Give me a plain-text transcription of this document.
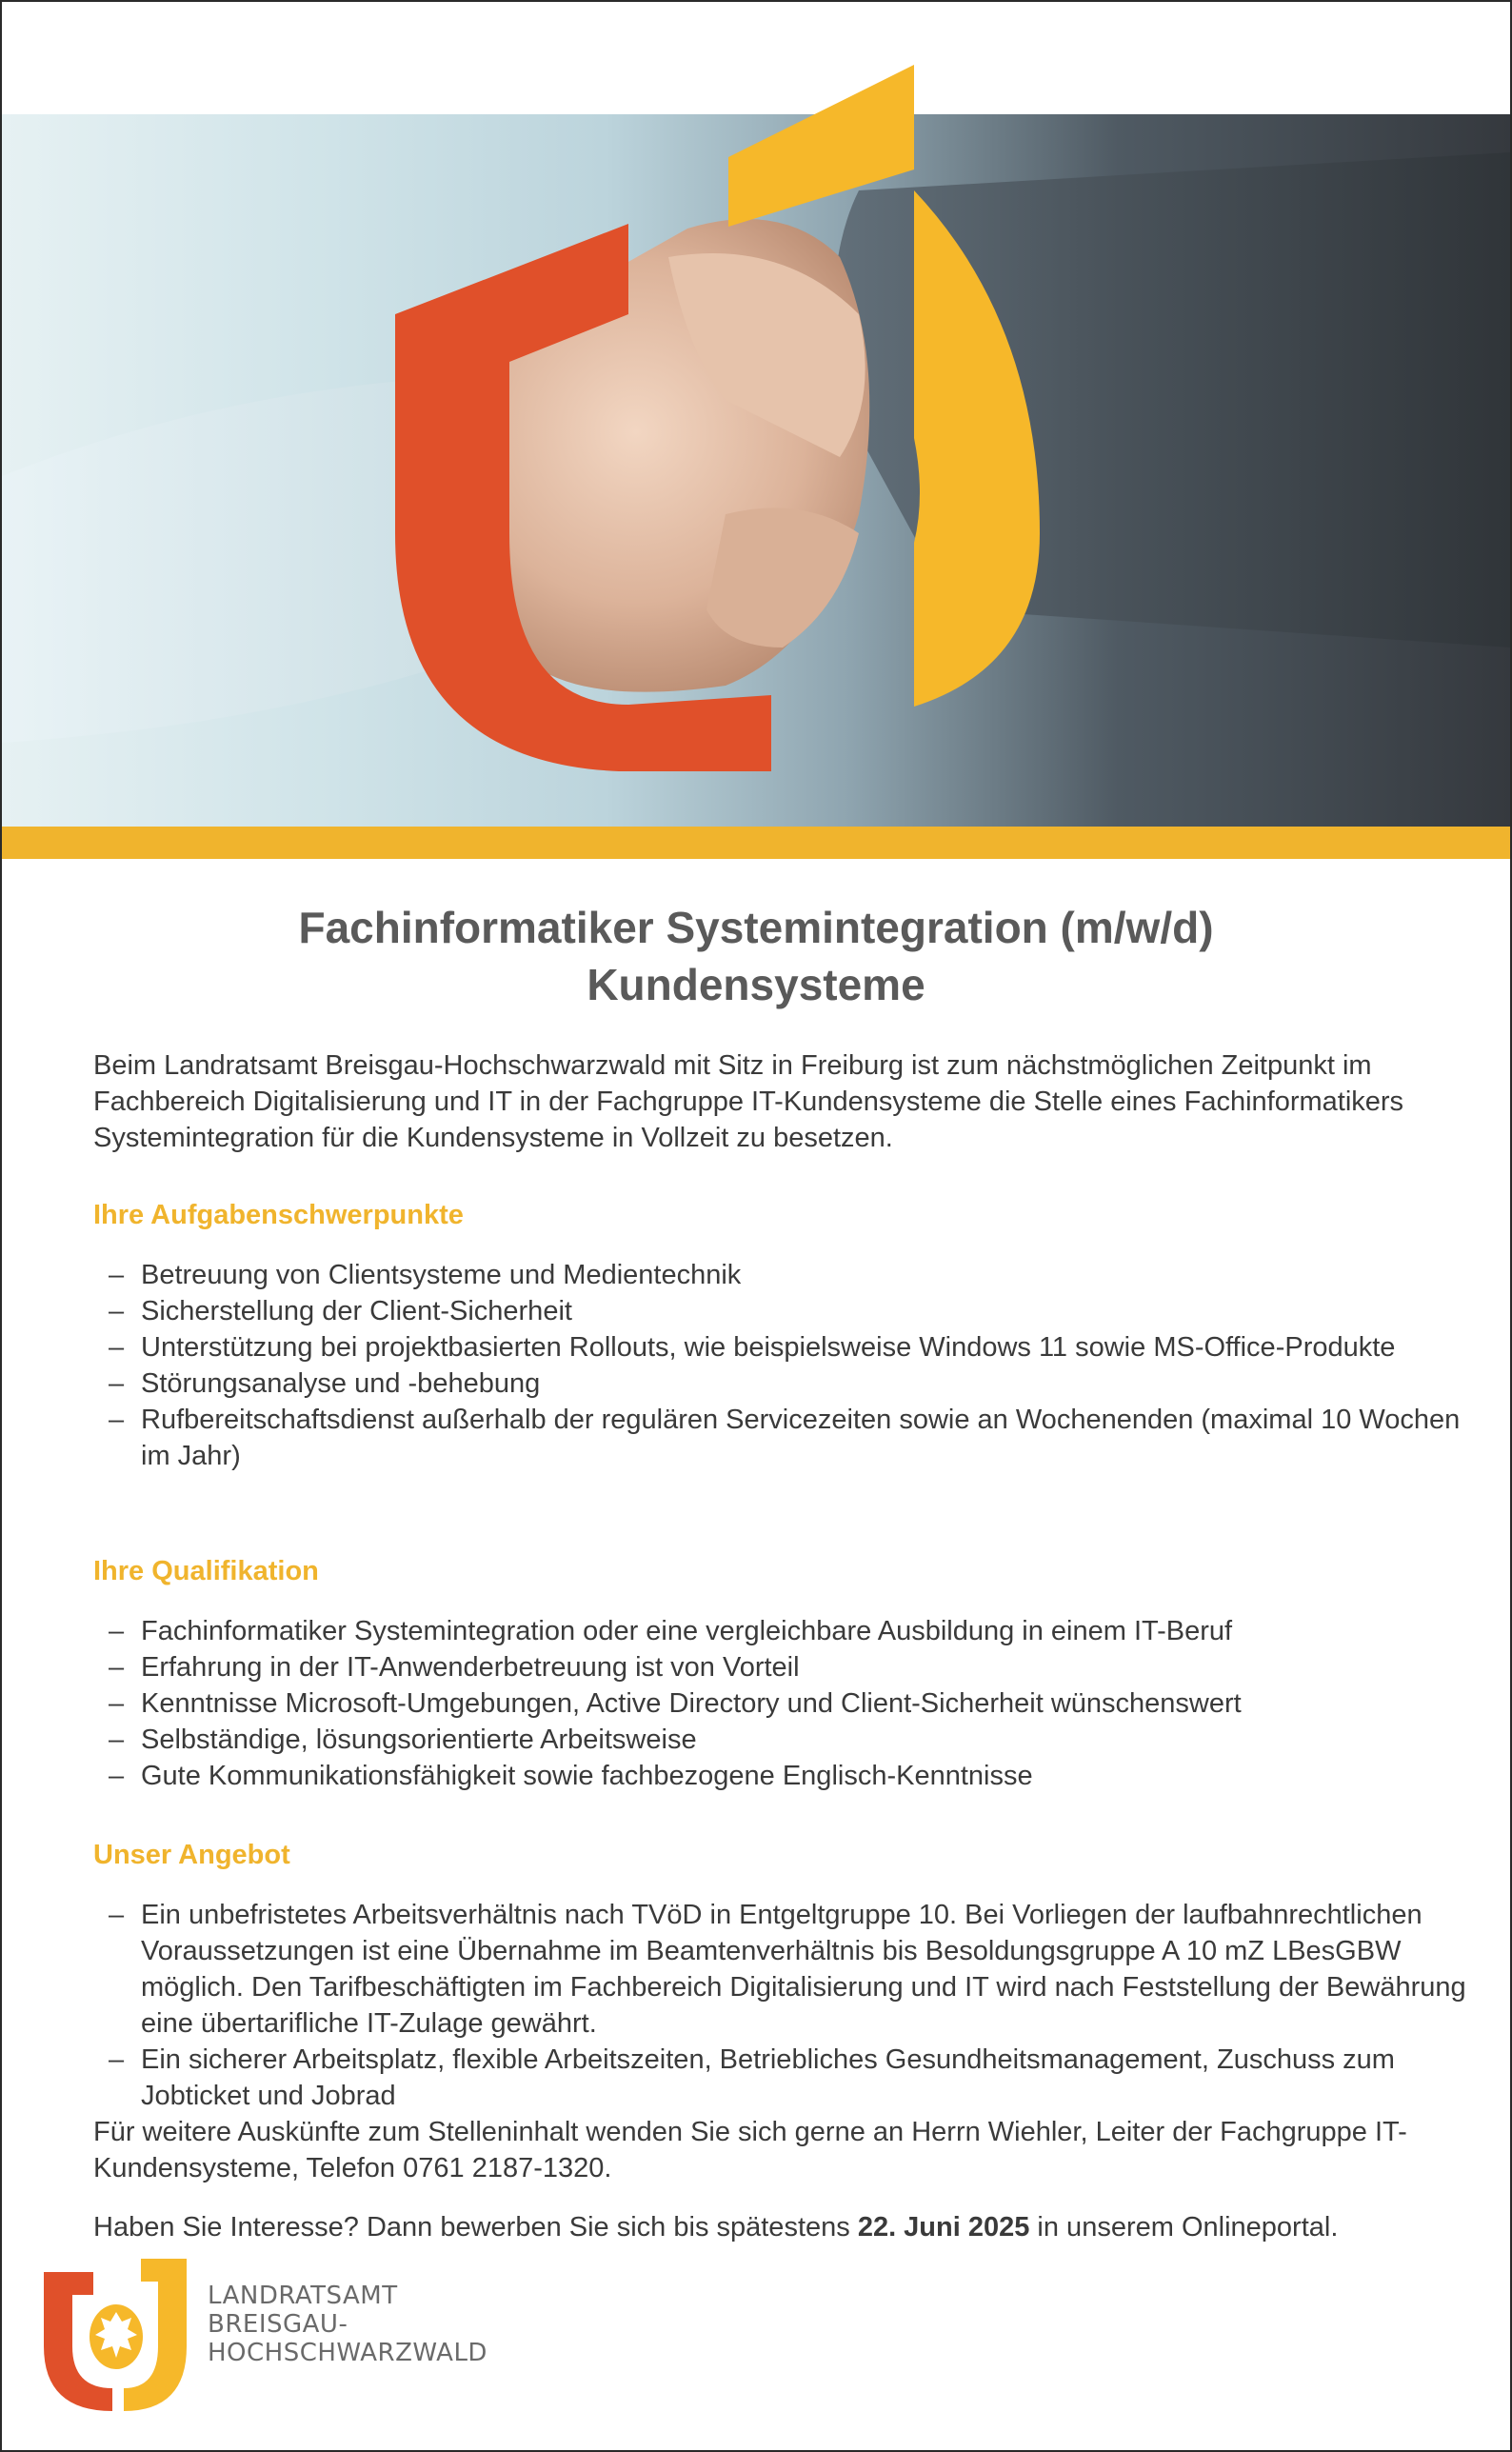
Fachinformatiker Systemintegration (m/w/d)
Kundensysteme
Beim Landratsamt Breisgau-Hochschwarzwald mit Sitz in Freiburg ist zum nächstmöglichen Zeitpunkt im Fachbereich Digitalisierung und IT in der Fachgruppe IT-Kundensysteme die Stelle eines Fachinformatikers Systemintegration für die Kundensysteme in Vollzeit zu besetzen.
Ihre Aufgabenschwerpunkte
– Betreuung von Clientsysteme und Medientechnik
– Sicherstellung der Client-Sicherheit
– Unterstützung bei projektbasierten Rollouts, wie beispielsweise Windows 11 sowie MS-Office-Produkte
– Störungsanalyse und -behebung
– Rufbereitschaftsdienst außerhalb der regulären Servicezeiten sowie an Wochenenden (maximal 10 Wochen im Jahr)
Ihre Qualifikation
– Fachinformatiker Systemintegration oder eine vergleichbare Ausbildung in einem IT-Beruf
– Erfahrung in der IT-Anwenderbetreuung ist von Vorteil
– Kenntnisse Microsoft-Umgebungen, Active Directory und Client-Sicherheit wünschenswert
– Selbständige, lösungsorientierte Arbeitsweise
– Gute Kommunikationsfähigkeit sowie fachbezogene Englisch-Kenntnisse
Unser Angebot
– Ein unbefristetes Arbeitsverhältnis nach TVöD in Entgeltgruppe 10. Bei Vorliegen der laufbahnrechtlichen Voraussetzungen ist eine Übernahme im Beamtenverhältnis bis Besoldungsgruppe A 10 mZ LBesGBW möglich. Den Tarifbeschäftigten im Fachbereich Digitalisierung und IT wird nach Feststellung der Bewährung eine übertarifliche IT-Zulage gewährt.
– Ein sicherer Arbeitsplatz, flexible Arbeitszeiten, Betriebliches Gesundheitsmanagement, Zuschuss zum Jobticket und Jobrad
Für weitere Auskünfte zum Stelleninhalt wenden Sie sich gerne an Herrn Wiehler, Leiter der Fachgruppe IT-Kundensysteme, Telefon 0761 2187-1320.
Haben Sie Interesse? Dann bewerben Sie sich bis spätestens 22. Juni 2025 in unserem Onlineportal.
LANDRATSAMT
BREISGAU-
HOCHSCHWARZWALD
